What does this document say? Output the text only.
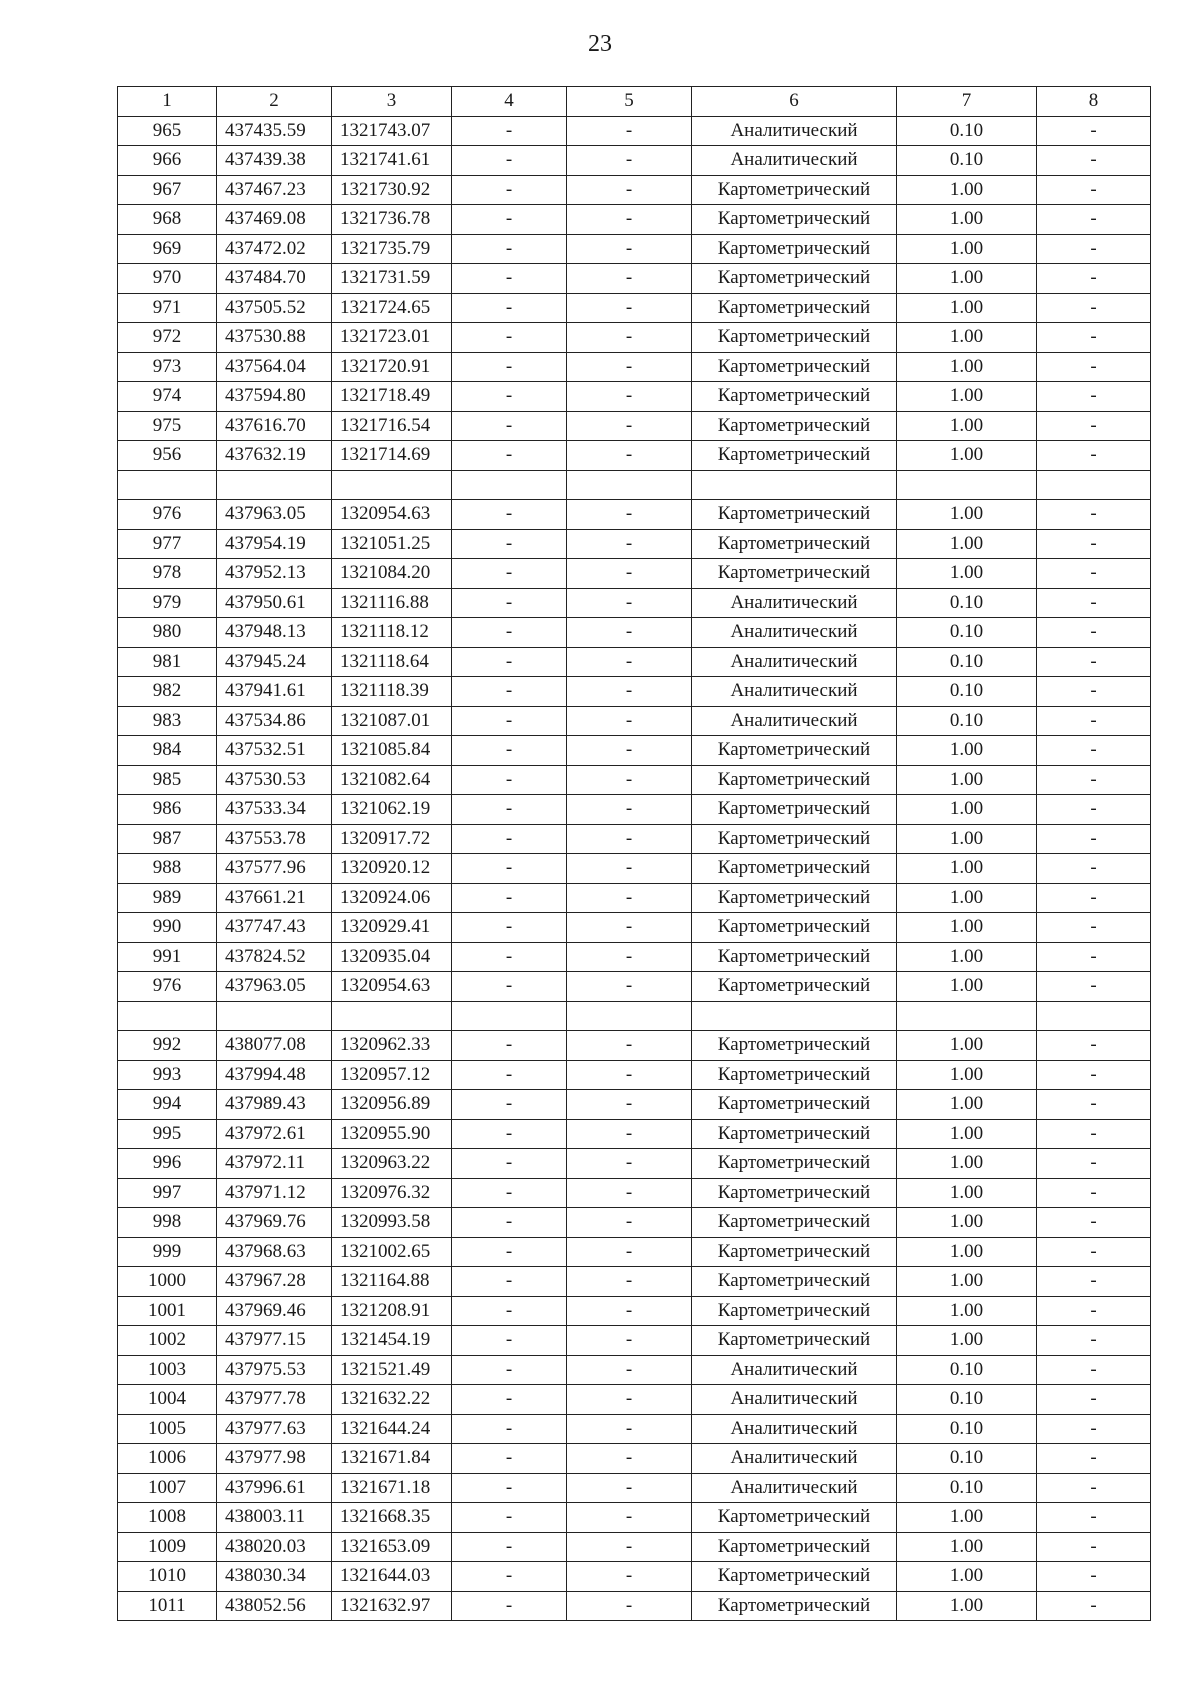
23
1	2	3	4	5	6	7	8
965	437435.59	1321743.07	-	-	Аналитический	0.10	-
966	437439.38	1321741.61	-	-	Аналитический	0.10	-
967	437467.23	1321730.92	-	-	Картометрический	1.00	-
968	437469.08	1321736.78	-	-	Картометрический	1.00	-
969	437472.02	1321735.79	-	-	Картометрический	1.00	-
970	437484.70	1321731.59	-	-	Картометрический	1.00	-
971	437505.52	1321724.65	-	-	Картометрический	1.00	-
972	437530.88	1321723.01	-	-	Картометрический	1.00	-
973	437564.04	1321720.91	-	-	Картометрический	1.00	-
974	437594.80	1321718.49	-	-	Картометрический	1.00	-
975	437616.70	1321716.54	-	-	Картометрический	1.00	-
956	437632.19	1321714.69	-	-	Картометрический	1.00	-

976	437963.05	1320954.63	-	-	Картометрический	1.00	-
977	437954.19	1321051.25	-	-	Картометрический	1.00	-
978	437952.13	1321084.20	-	-	Картометрический	1.00	-
979	437950.61	1321116.88	-	-	Аналитический	0.10	-
980	437948.13	1321118.12	-	-	Аналитический	0.10	-
981	437945.24	1321118.64	-	-	Аналитический	0.10	-
982	437941.61	1321118.39	-	-	Аналитический	0.10	-
983	437534.86	1321087.01	-	-	Аналитический	0.10	-
984	437532.51	1321085.84	-	-	Картометрический	1.00	-
985	437530.53	1321082.64	-	-	Картометрический	1.00	-
986	437533.34	1321062.19	-	-	Картометрический	1.00	-
987	437553.78	1320917.72	-	-	Картометрический	1.00	-
988	437577.96	1320920.12	-	-	Картометрический	1.00	-
989	437661.21	1320924.06	-	-	Картометрический	1.00	-
990	437747.43	1320929.41	-	-	Картометрический	1.00	-
991	437824.52	1320935.04	-	-	Картометрический	1.00	-
976	437963.05	1320954.63	-	-	Картометрический	1.00	-

992	438077.08	1320962.33	-	-	Картометрический	1.00	-
993	437994.48	1320957.12	-	-	Картометрический	1.00	-
994	437989.43	1320956.89	-	-	Картометрический	1.00	-
995	437972.61	1320955.90	-	-	Картометрический	1.00	-
996	437972.11	1320963.22	-	-	Картометрический	1.00	-
997	437971.12	1320976.32	-	-	Картометрический	1.00	-
998	437969.76	1320993.58	-	-	Картометрический	1.00	-
999	437968.63	1321002.65	-	-	Картометрический	1.00	-
1000	437967.28	1321164.88	-	-	Картометрический	1.00	-
1001	437969.46	1321208.91	-	-	Картометрический	1.00	-
1002	437977.15	1321454.19	-	-	Картометрический	1.00	-
1003	437975.53	1321521.49	-	-	Аналитический	0.10	-
1004	437977.78	1321632.22	-	-	Аналитический	0.10	-
1005	437977.63	1321644.24	-	-	Аналитический	0.10	-
1006	437977.98	1321671.84	-	-	Аналитический	0.10	-
1007	437996.61	1321671.18	-	-	Аналитический	0.10	-
1008	438003.11	1321668.35	-	-	Картометрический	1.00	-
1009	438020.03	1321653.09	-	-	Картометрический	1.00	-
1010	438030.34	1321644.03	-	-	Картометрический	1.00	-
1011	438052.56	1321632.97	-	-	Картометрический	1.00	-
